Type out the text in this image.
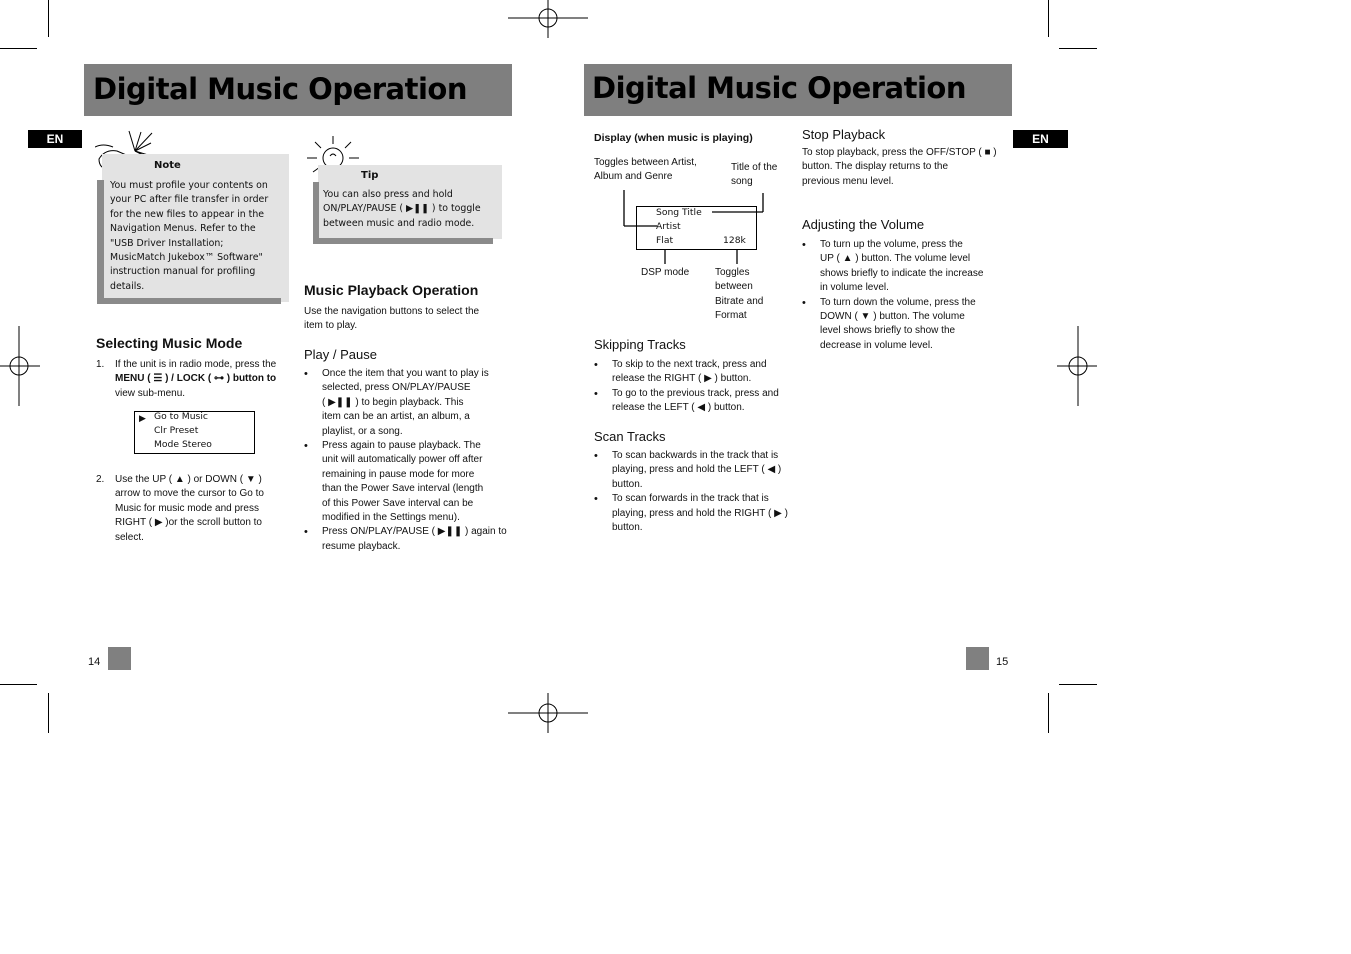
Digital Music Operation
EN
Note
You must profile your contents on
your PC after file transfer in order
for the new files to appear in the
Navigation Menus. Refer to the
"USB Driver Installation;
MusicMatch Jukebox™ Software"
instruction manual for profiling
details.
Tip
You can also press and hold
ON/PLAY/PAUSE ( ▶❚❚ ) to toggle
between music and radio mode.
Selecting Music Mode
1. If the unit is in radio mode, press the
MENU ( ☰ ) / LOCK ( ⊶ ) button to
view sub-menu.
▶ Go to Music
Clr Preset
Mode Stereo
2. Use the UP ( ▲ ) or DOWN ( ▼ )
arrow to move the cursor to Go to
Music for music mode and press
RIGHT ( ▶ )or the scroll button to
select.
Music Playback Operation
Use the navigation buttons to select the
item to play.
Play / Pause
• Once the item that you want to play is
selected, press ON/PLAY/PAUSE
( ▶❚❚ ) to begin playback. This
item can be an artist, an album, a
playlist, or a song.
• Press again to pause playback. The
unit will automatically power off after
remaining in pause mode for more
than the Power Save interval (length
of this Power Save interval can be
modified in the Settings menu).
• Press ON/PLAY/PAUSE ( ▶❚❚ ) again to
resume playback.
14
Digital Music Operation
EN
Display (when music is playing)
Toggles between Artist,
Album and Genre
Title of the
song
Song Title
Artist
Flat	128k
DSP mode	Toggles
between
Bitrate and
Format
Skipping Tracks
• To skip to the next track, press and
release the RIGHT ( ▶ ) button.
• To go to the previous track, press and
release the LEFT ( ◀ ) button.
Scan Tracks
• To scan backwards in the track that is
playing, press and hold the LEFT ( ◀ )
button.
• To scan forwards in the track that is
playing, press and hold the RIGHT ( ▶ )
button.
Stop Playback
To stop playback, press the OFF/STOP ( ■ )
button. The display returns to the
previous menu level.
Adjusting the Volume
• To turn up the volume, press the
UP ( ▲ ) button. The volume level
shows briefly to indicate the increase
in volume level.
• To turn down the volume, press the
DOWN ( ▼ ) button. The volume
level shows briefly to show the
decrease in volume level.
15
